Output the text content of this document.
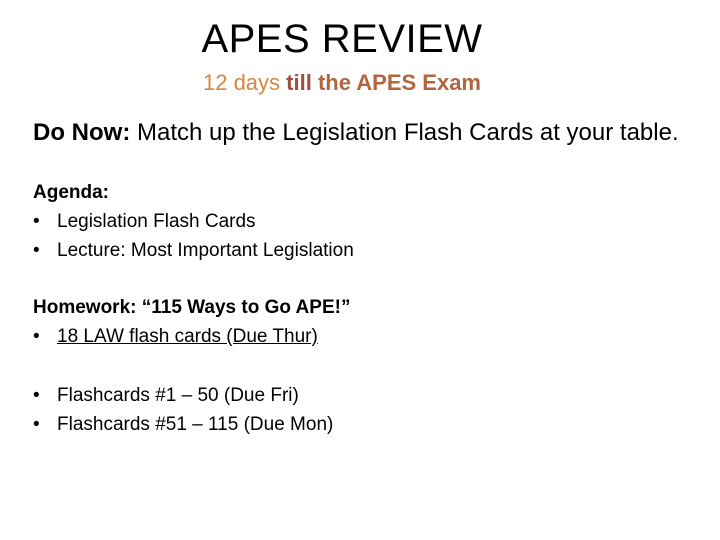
APES REVIEW
12 days till the APES Exam

Do Now: Match up the Legislation Flash Cards at your table.

Agenda:
• Legislation Flash Cards
• Lecture: Most Important Legislation
Homework: “115 Ways to Go APE!”
• 18 LAW flash cards (Due Thur)
• Flashcards #1 – 50 (Due Fri)
• Flashcards #51 – 115 (Due Mon)
